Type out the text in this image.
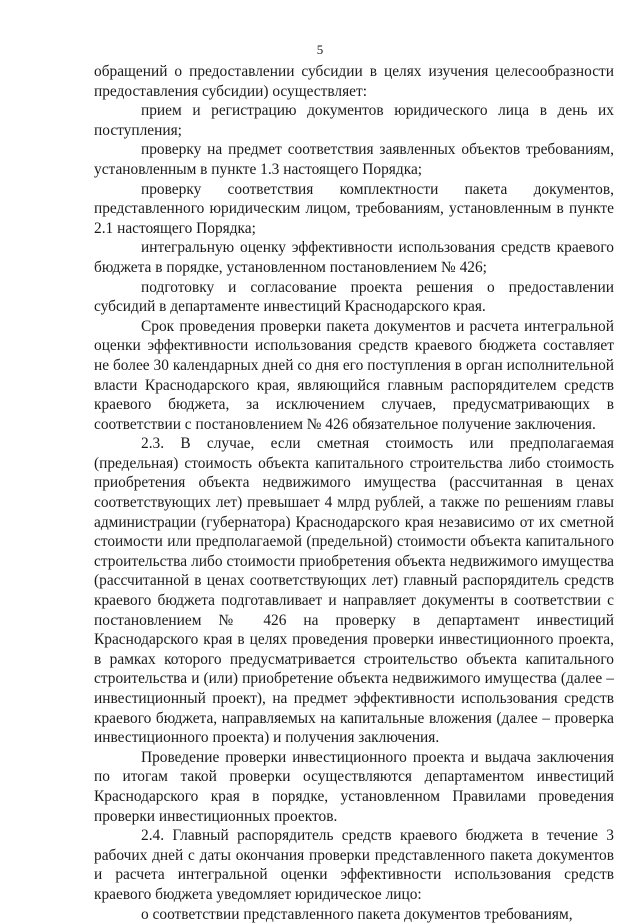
5

обращений о предоставлении субсидии в целях изучения целесообразности предоставления субсидии) осуществляет:

прием и регистрацию документов юридического лица в день их поступления;

проверку на предмет соответствия заявленных объектов требованиям, установленным в пункте 1.3 настоящего Порядка;

проверку соответствия комплектности пакета документов, представленного юридическим лицом, требованиям, установленным в пункте 2.1 настоящего Порядка;

интегральную оценку эффективности использования средств краевого бюджета в порядке, установленном постановлением № 426;

подготовку и согласование проекта решения о предоставлении субсидий в департаменте инвестиций Краснодарского края.

Срок проведения проверки пакета документов и расчета интегральной оценки эффективности использования средств краевого бюджета составляет не более 30 календарных дней со дня его поступления в орган исполнительной власти Краснодарского края, являющийся главным распорядителем средств краевого бюджета, за исключением случаев, предусматривающих в соответствии с постановлением № 426 обязательное получение заключения.

2.3. В случае, если сметная стоимость или предполагаемая (предельная) стоимость объекта капитального строительства либо стоимость приобретения объекта недвижимого имущества (рассчитанная в ценах соответствующих лет) превышает 4 млрд рублей, а также по решениям главы администрации (губернатора) Краснодарского края независимо от их сметной стоимости или предполагаемой (предельной) стоимости объекта капитального строительства либо стоимости приобретения объекта недвижимого имущества (рассчитанной в ценах соответствующих лет) главный распорядитель средств краевого бюджета подготавливает и направляет документы в соответствии с постановлением № 426 на проверку в департамент инвестиций Краснодарского края в целях проведения проверки инвестиционного проекта, в рамках которого предусматривается строительство объекта капитального строительства и (или) приобретение объекта недвижимого имущества (далее – инвестиционный проект), на предмет эффективности использования средств краевого бюджета, направляемых на капитальные вложения (далее – проверка инвестиционного проекта) и получения заключения.

Проведение проверки инвестиционного проекта и выдача заключения по итогам такой проверки осуществляются департаментом инвестиций Краснодарского края в порядке, установленном Правилами проведения проверки инвестиционных проектов.

2.4. Главный распорядитель средств краевого бюджета в течение 3 рабочих дней с даты окончания проверки представленного пакета документов и расчета интегральной оценки эффективности использования средств краевого бюджета уведомляет юридическое лицо:

о соответствии представленного пакета документов требованиям,
